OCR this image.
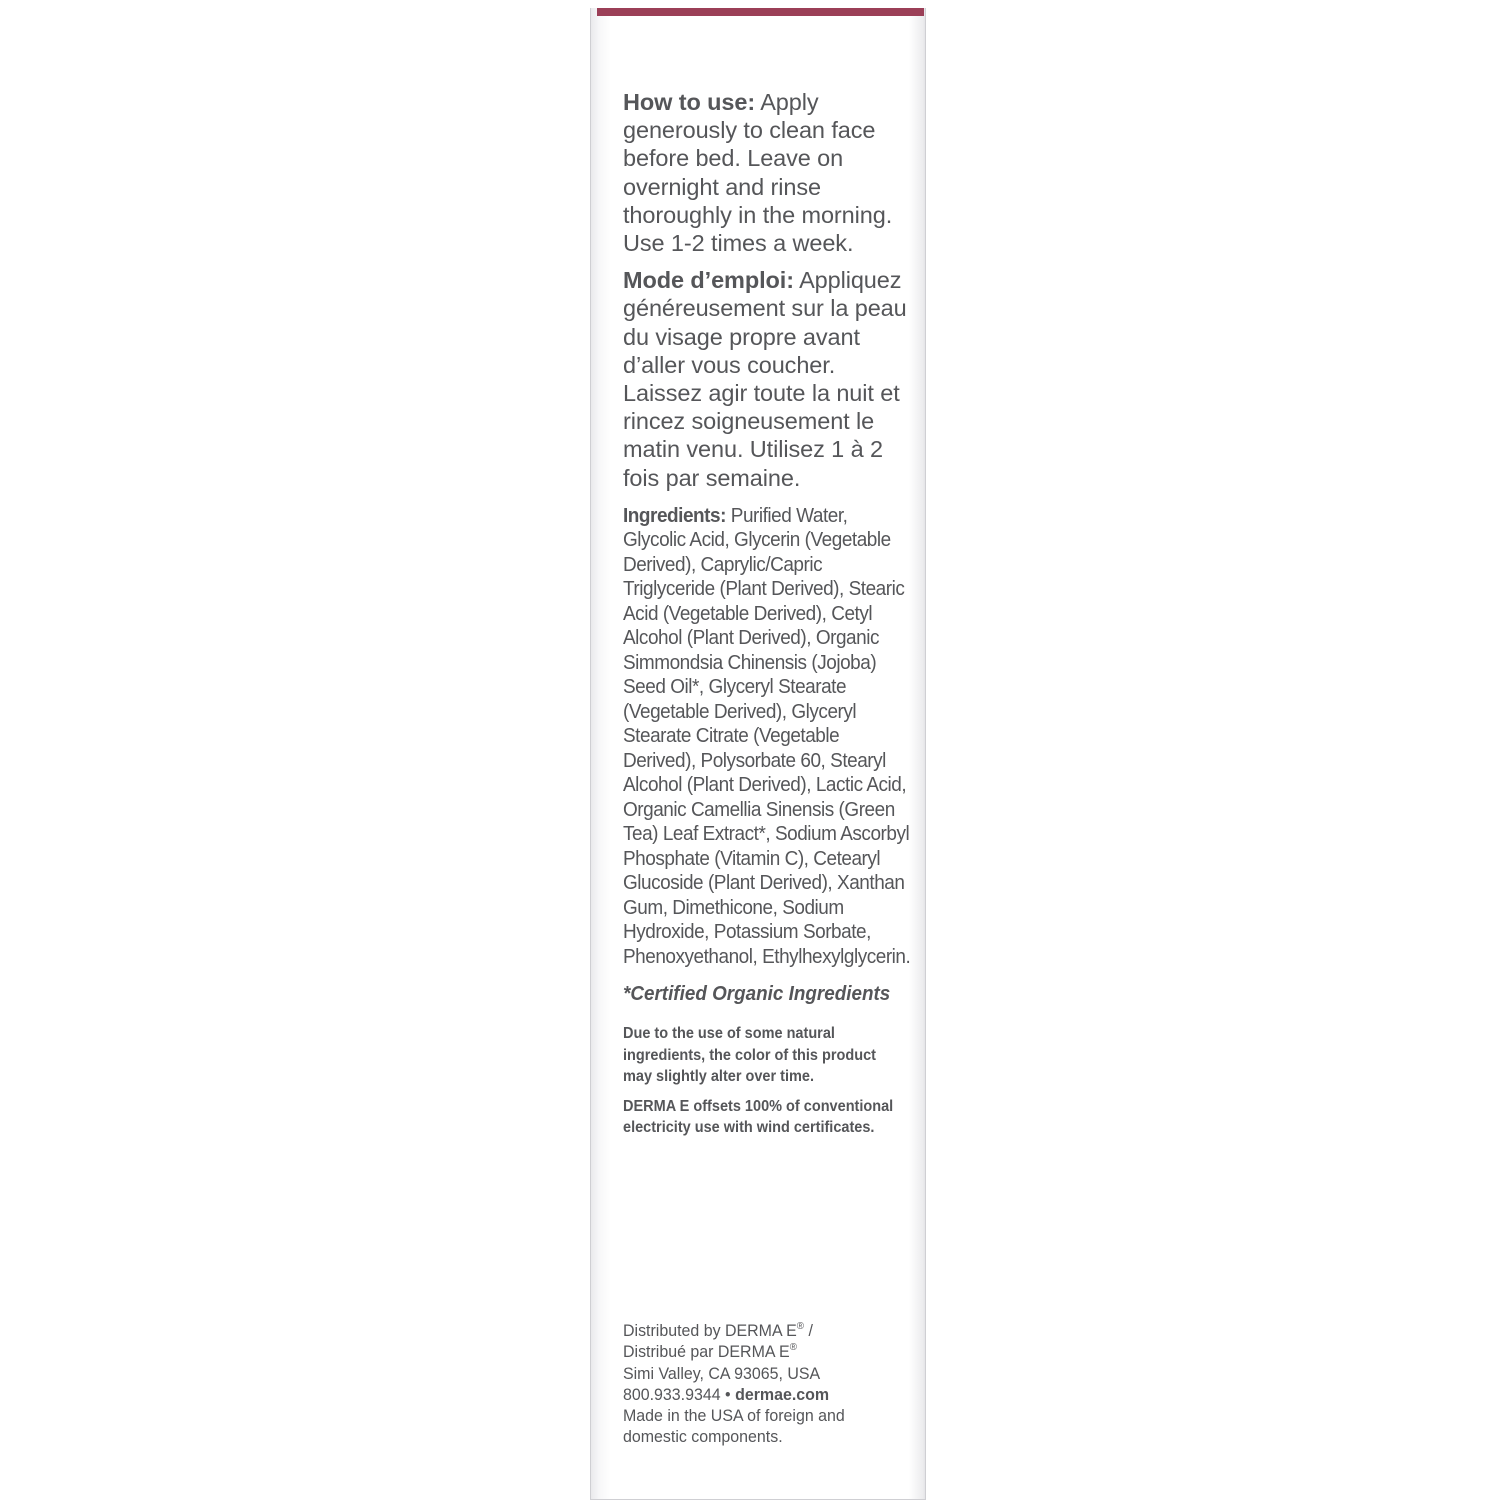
How to use: Apply generously to clean face before bed. Leave on overnight and rinse thoroughly in the morning. Use 1-2 times a week.

Mode d’emploi: Appliquez généreusement sur la peau du visage propre avant d’aller vous coucher. Laissez agir toute la nuit et rincez soigneusement le matin venu. Utilisez 1 à 2 fois par semaine.

Ingredients: Purified Water, Glycolic Acid, Glycerin (Vegetable Derived), Caprylic/Capric Triglyceride (Plant Derived), Stearic Acid (Vegetable Derived), Cetyl Alcohol (Plant Derived), Organic Simmondsia Chinensis (Jojoba) Seed Oil*, Glyceryl Stearate (Vegetable Derived), Glyceryl Stearate Citrate (Vegetable Derived), Polysorbate 60, Stearyl Alcohol (Plant Derived), Lactic Acid, Organic Camellia Sinensis (Green Tea) Leaf Extract*, Sodium Ascorbyl Phosphate (Vitamin C), Cetearyl Glucoside (Plant Derived), Xanthan Gum, Dimethicone, Sodium Hydroxide, Potassium Sorbate, Phenoxyethanol, Ethylhexylglycerin.

*Certified Organic Ingredients

Due to the use of some natural ingredients, the color of this product may slightly alter over time.

DERMA E offsets 100% of conventional electricity use with wind certificates.

Distributed by DERMA E® /
Distribué par DERMA E®
Simi Valley, CA 93065, USA
800.933.9344 • dermae.com
Made in the USA of foreign and
domestic components.
